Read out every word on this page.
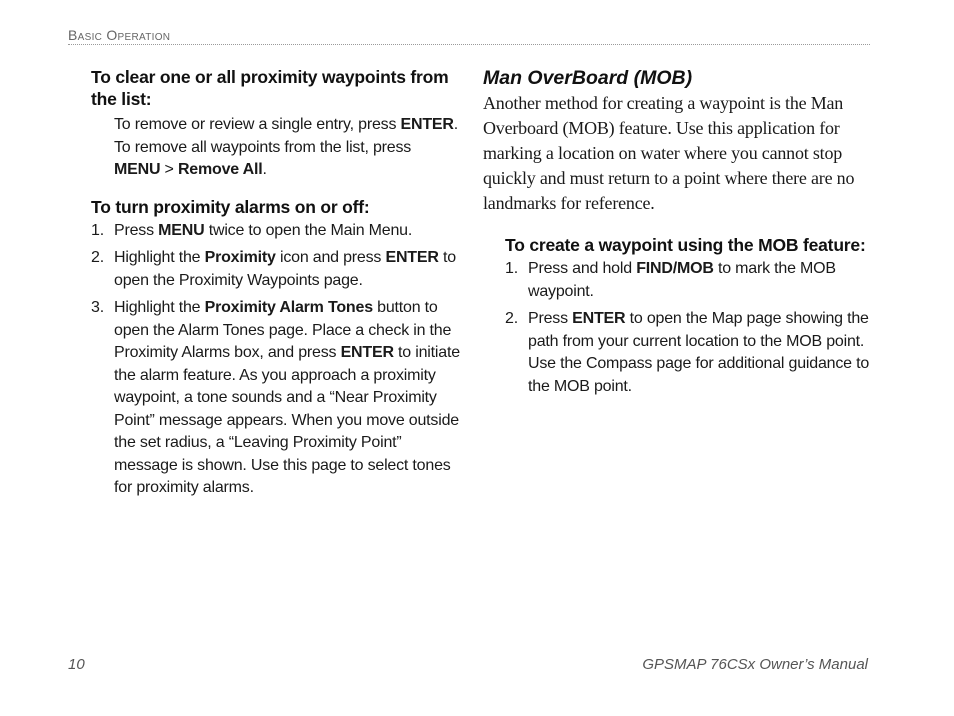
Basic Operation
To clear one or all proximity waypoints from the list:

To remove or review a single entry, press ENTER. To remove all waypoints from the list, press MENU > Remove All.

To turn proximity alarms on or off:
1. Press MENU twice to open the Main Menu.
2. Highlight the Proximity icon and press ENTER to open the Proximity Waypoints page.
3. Highlight the Proximity Alarm Tones button to open the Alarm Tones page. Place a check in the Proximity Alarms box, and press ENTER to initiate the alarm feature. As you approach a proximity waypoint, a tone sounds and a “Near Proximity Point” message appears. When you move outside the set radius, a “Leaving Proximity Point” message is shown. Use this page to select tones for proximity alarms.
Man OverBoard (MOB)

Another method for creating a waypoint is the Man Overboard (MOB) feature. Use this application for marking a location on water where you cannot stop quickly and must return to a point where there are no landmarks for reference.

To create a waypoint using the MOB feature:
1. Press and hold FIND/MOB to mark the MOB waypoint.
2. Press ENTER to open the Map page showing the path from your current location to the MOB point. Use the Compass page for additional guidance to the MOB point.
10	GPSMAP 76CSx Owner’s Manual
